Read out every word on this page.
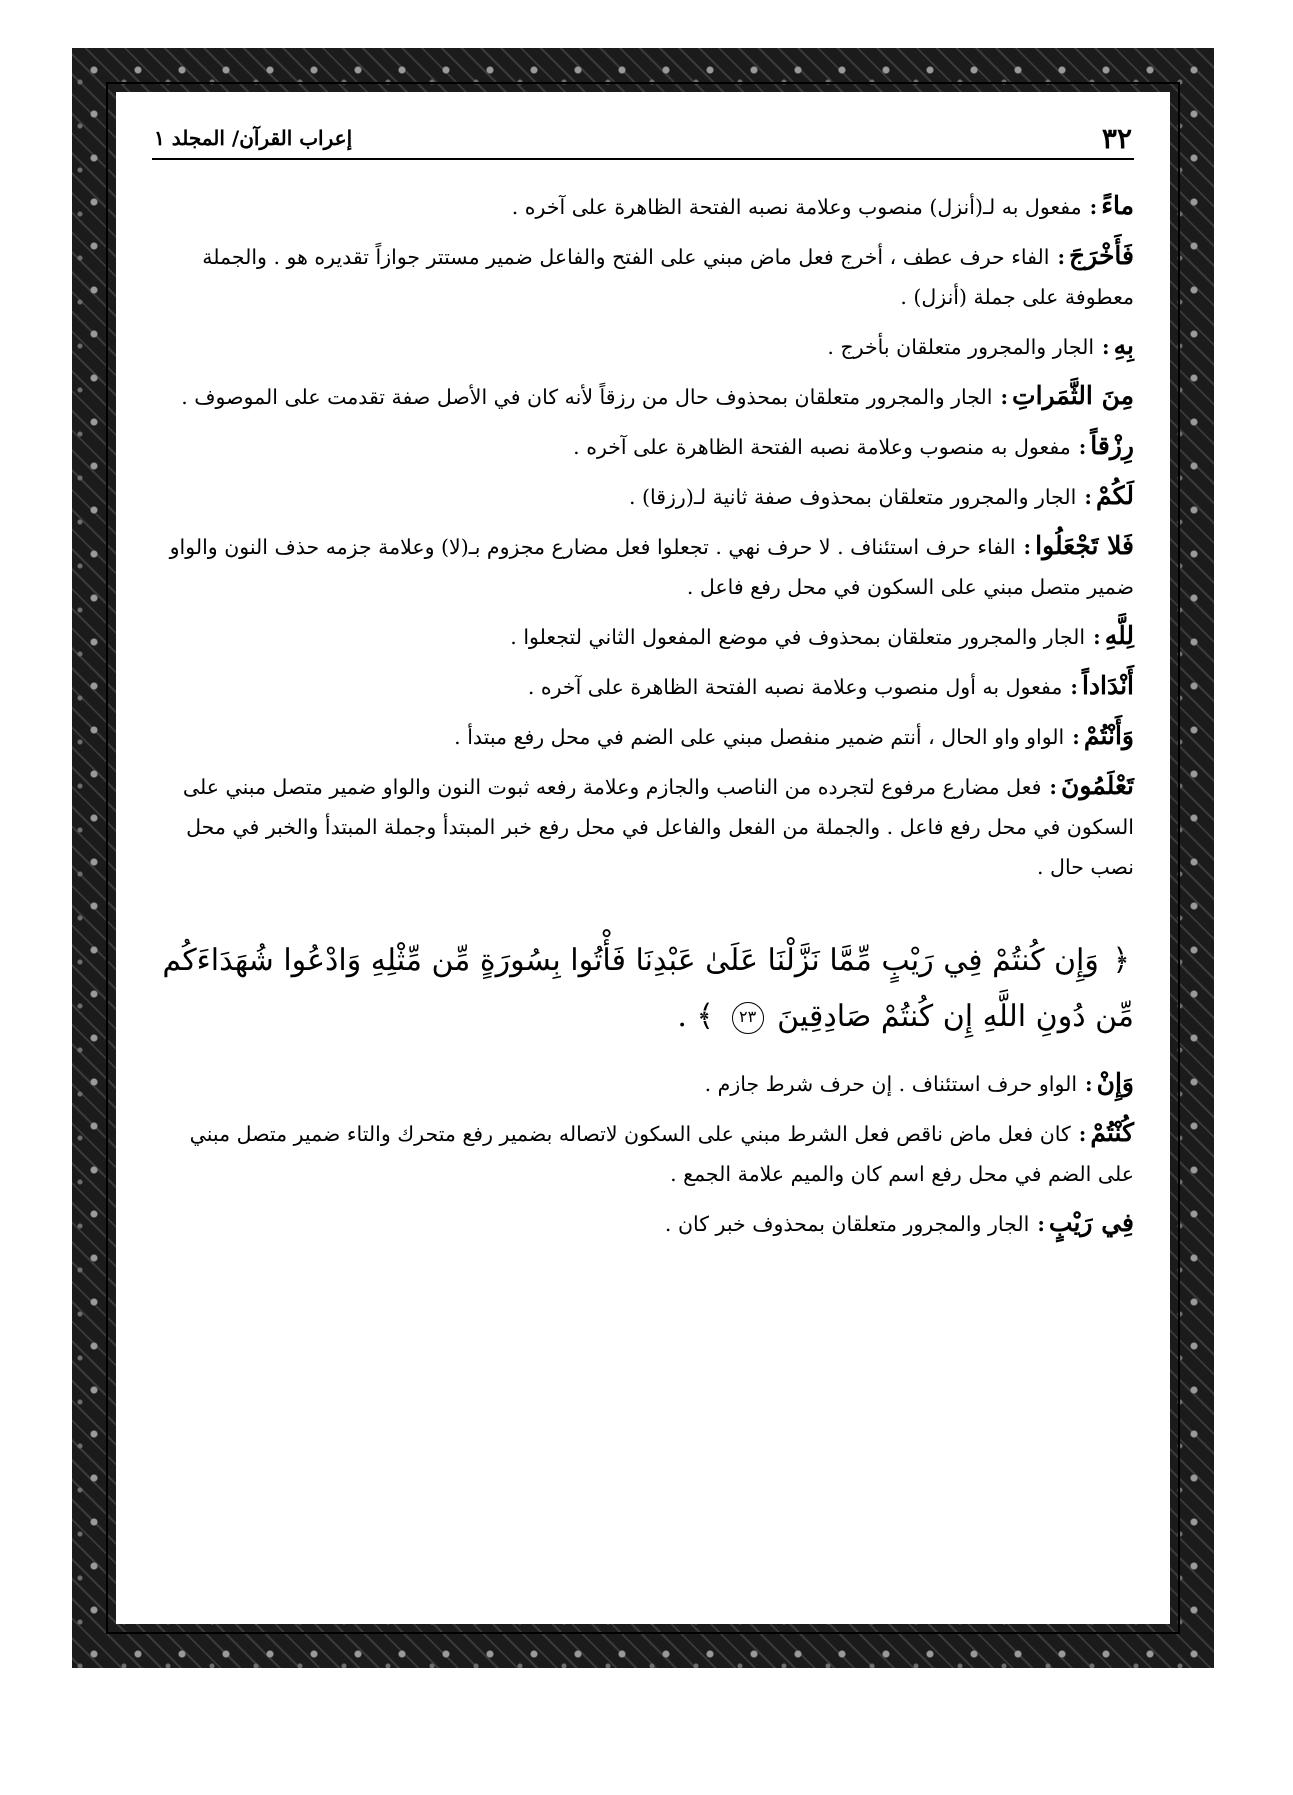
٣٢
إعراب القرآن/ المجلد ١

ماءً:مفعول به لـ(أنزل) منصوب وعلامة نصبه الفتحة الظاهرة على آخره .

فَأَخْرَجَ:الفاء حرف عطف ، أخرج فعل ماض مبني على الفتح والفاعل ضمير مستتر جوازاً تقديره هو . والجملة معطوفة على جملة (أنزل) .

بِهِ:الجار والمجرور متعلقان بأخرج .

مِنَ الثَّمَراتِ:الجار والمجرور متعلقان بمحذوف حال من رزقاً لأنه كان في الأصل صفة تقدمت على الموصوف .

رِزْقاً:مفعول به منصوب وعلامة نصبه الفتحة الظاهرة على آخره .

لَكُمْ:الجار والمجرور متعلقان بمحذوف صفة ثانية لـ(رزقا) .

فَلا تَجْعَلُوا:الفاء حرف استئناف . لا حرف نهي . تجعلوا فعل مضارع مجزوم بـ(لا) وعلامة جزمه حذف النون والواو ضمير متصل مبني على السكون في محل رفع فاعل .

لِلَّهِ:الجار والمجرور متعلقان بمحذوف في موضع المفعول الثاني لتجعلوا .

أَنْدَاداً:مفعول به أول منصوب وعلامة نصبه الفتحة الظاهرة على آخره .

وَأَنْتُمْ:الواو واو الحال ، أنتم ضمير منفصل مبني على الضم في محل رفع مبتدأ .

تَعْلَمُونَ:فعل مضارع مرفوع لتجرده من الناصب والجازم وعلامة رفعه ثبوت النون والواو ضمير متصل مبني على السكون في محل رفع فاعل . والجملة من الفعل والفاعل في محل رفع خبر المبتدأ وجملة المبتدأ والخبر في محل نصب حال .

﴿ وَإِن كُنتُمْ فِي رَيْبٍ مِّمَّا نَزَّلْنَا عَلَىٰ عَبْدِنَا فَأْتُوا بِسُورَةٍ مِّن مِّثْلِهِ وَادْعُوا شُهَدَاءَكُم مِّن دُونِ اللَّهِ إِن كُنتُمْ صَادِقِينَ ٢٣ ﴾ .

وَإِنْ:الواو حرف استئناف . إن حرف شرط جازم .

كُنْتُمْ:كان فعل ماض ناقص فعل الشرط مبني على السكون لاتصاله بضمير رفع متحرك والتاء ضمير متصل مبني على الضم في محل رفع اسم كان والميم علامة الجمع .

فِي رَيْبٍ:الجار والمجرور متعلقان بمحذوف خبر كان .
